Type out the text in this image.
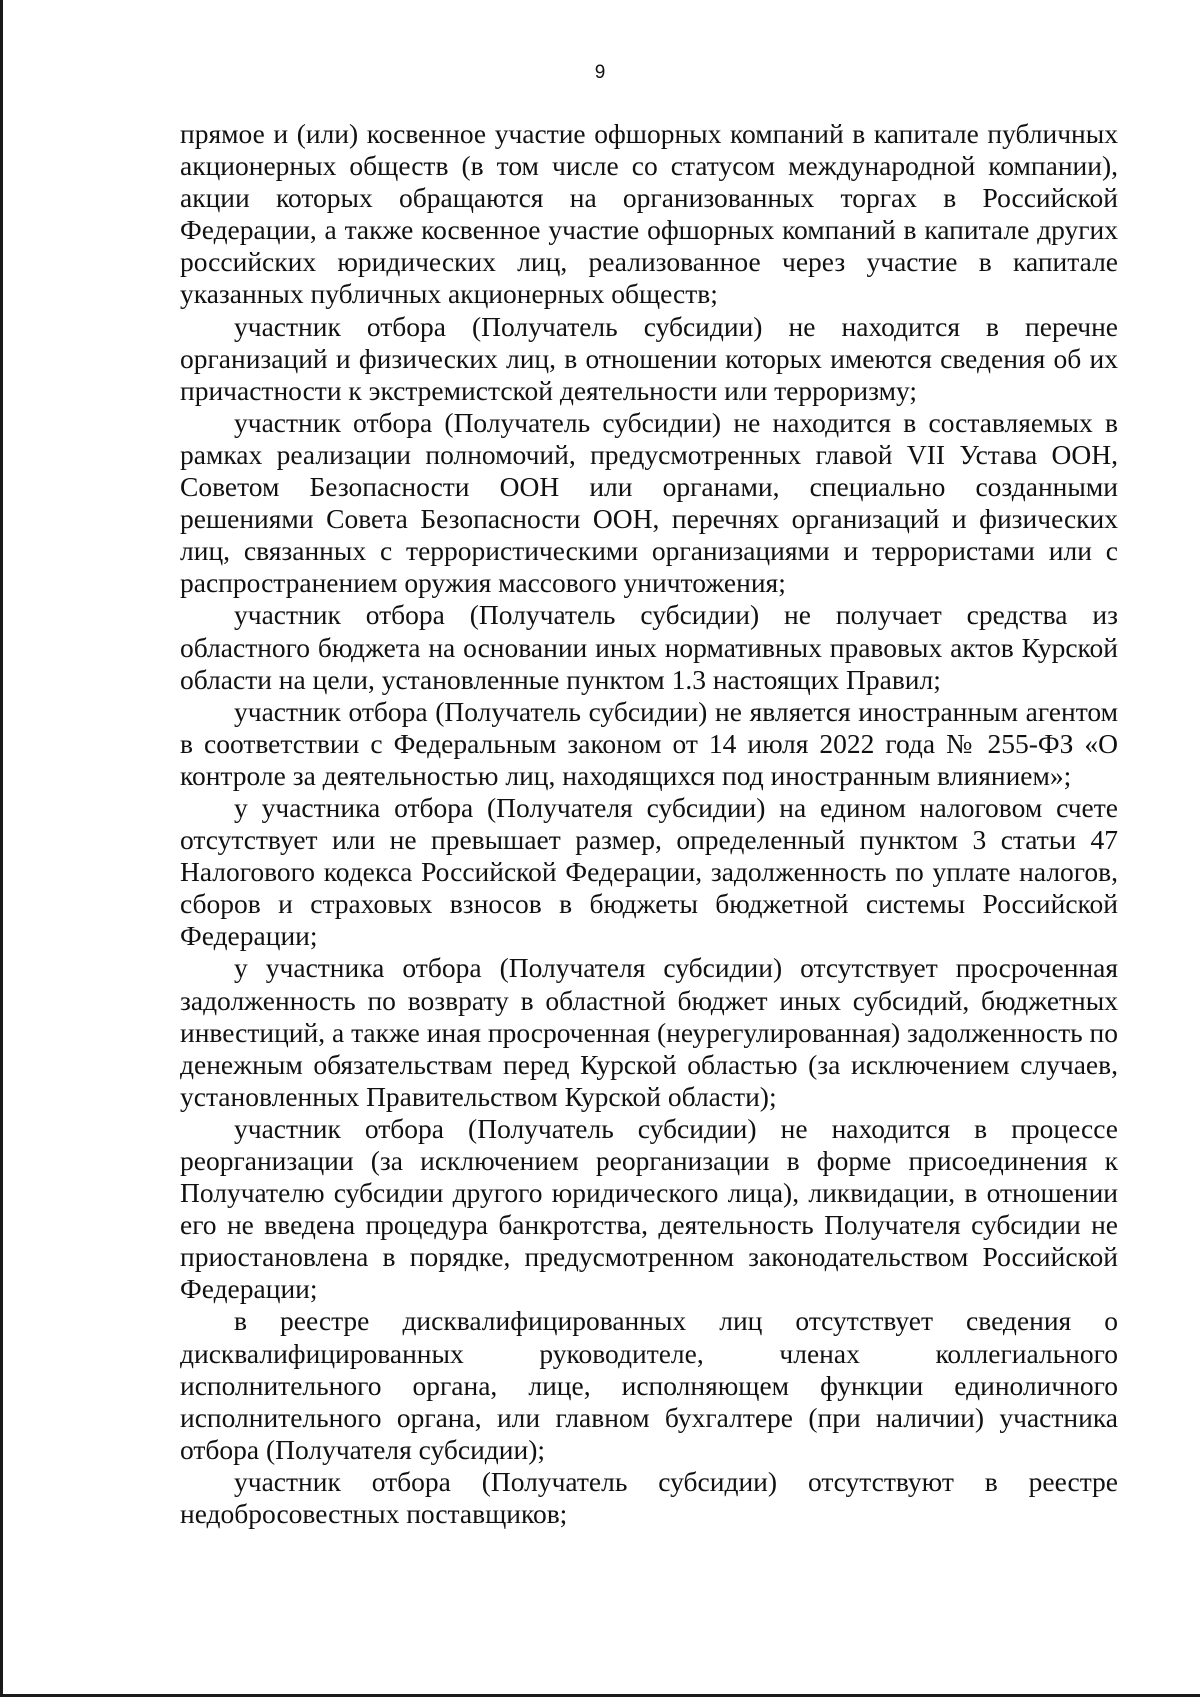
9

прямое и (или) косвенное участие офшорных компаний в капитале публичных акционерных обществ (в том числе со статусом международной компании), акции которых обращаются на организованных торгах в Российской Федерации, а также косвенное участие офшорных компаний в капитале других российских юридических лиц, реализованное через участие в капитале указанных публичных акционерных обществ;

участник отбора (Получатель субсидии) не находится в перечне организаций и физических лиц, в отношении которых имеются сведения об их причастности к экстремистской деятельности или терроризму;

участник отбора (Получатель субсидии) не находится в составляемых в рамках реализации полномочий, предусмотренных главой VII Устава ООН, Советом Безопасности ООН или органами, специально созданными решениями Совета Безопасности ООН, перечнях организаций и физических лиц, связанных с террористическими организациями и террористами или с распространением оружия массового уничтожения;

участник отбора (Получатель субсидии) не получает средства из областного бюджета на основании иных нормативных правовых актов Курской области на цели, установленные пунктом 1.3 настоящих Правил;

участник отбора (Получатель субсидии) не является иностранным агентом в соответствии с Федеральным законом от 14 июля 2022 года № 255-ФЗ «О контроле за деятельностью лиц, находящихся под иностранным влиянием»;

у участника отбора (Получателя субсидии) на едином налоговом счете отсутствует или не превышает размер, определенный пунктом 3 статьи 47 Налогового кодекса Российской Федерации, задолженность по уплате налогов, сборов и страховых взносов в бюджеты бюджетной системы Российской Федерации;

у участника отбора (Получателя субсидии) отсутствует просроченная задолженность по возврату в областной бюджет иных субсидий, бюджетных инвестиций, а также иная просроченная (неурегулированная) задолженность по денежным обязательствам перед Курской областью (за исключением случаев, установленных Правительством Курской области);

участник отбора (Получатель субсидии) не находится в процессе реорганизации (за исключением реорганизации в форме присоединения к Получателю субсидии другого юридического лица), ликвидации, в отношении его не введена процедура банкротства, деятельность Получателя субсидии не приостановлена в порядке, предусмотренном законодательством Российской Федерации;

в реестре дисквалифицированных лиц отсутствует сведения о дисквалифицированных руководителе, членах коллегиального исполнительного органа, лице, исполняющем функции единоличного исполнительного органа, или главном бухгалтере (при наличии) участника отбора (Получателя субсидии);

участник отбора (Получатель субсидии) отсутствуют в реестре недобросовестных поставщиков;
